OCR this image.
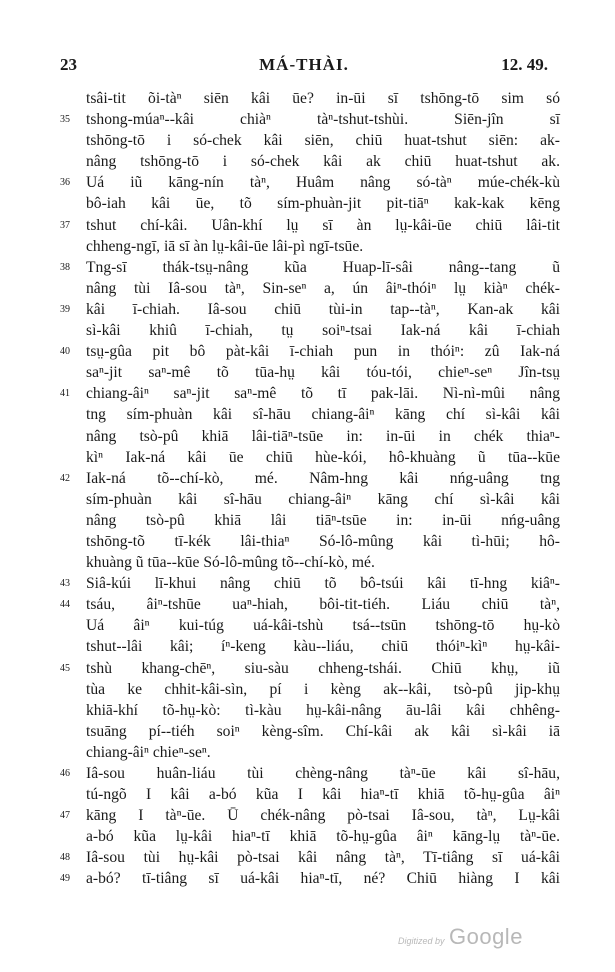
23	MÁ-THÀI.	12. 49.
tsâi-tit õi-tàⁿ siēn kâi ūe? in-ūi sī tshōng-tō sim só
35	tshong-múaⁿ--kâi chiàⁿ tàⁿ-tshut-tshùi. Siēn-jîn sī
tshōng-tō i só-chek kâi siēn, chiū huat-tshut siēn: ak-
nâng tshōng-tō i só-chek kâi ak chiū huat-tshut ak.
36	Uá iũ kāng-nín tàⁿ, Huâm nâng só-tàⁿ múe-chék-kù
bô-iah kâi ūe, tõ sím-phuàn-jit pit-tiāⁿ kak-kak kēng
37	tshut chí-kâi. Uân-khí lṳ sī àn lṳ-kâi-ūe chiū lâi-tit
chheng-ngī, iā sī àn lṳ-kâi-ūe lâi-pì ngī-tsūe.
38	Tng-sī thák-tsṳ-nâng kũa Huap-lī-sâi nâng--tang ũ
nâng tùi Iâ-sou tàⁿ, Sin-seⁿ a, ún âiⁿ-thóiⁿ lṳ kiàⁿ chék-
39	kâi ī-chiah. Iâ-sou chiū tùi-in tap--tàⁿ, Kan-ak kâi
sì-kâi khiû ī-chiah, tṳ soiⁿ-tsai Iak-ná kâi ī-chiah
40	tsṳ-gûa pit bô pàt-kâi ī-chiah pun in thóiⁿ: zû Iak-ná
saⁿ-jit saⁿ-mê tõ tūa-hṳ kâi tóu-tói, chieⁿ-seⁿ Jîn-tsṳ
41	chiang-âiⁿ saⁿ-jit saⁿ-mê tõ tī pak-lāi. Nì-nì-mûi nâng
tng sím-phuàn kâi sî-hāu chiang-âiⁿ kāng chí sì-kâi kâi
nâng tsò-pû khiā lâi-tiāⁿ-tsūe in: in-ūi in chék thiaⁿ-
kìⁿ Iak-ná kâi ūe chiū hùe-kói, hô-khuàng ũ tūa--kūe
42	Iak-ná tõ--chí-kò, mé. Nâm-hng kâi nńg-uâng tng
sím-phuàn kâi sî-hāu chiang-âiⁿ kāng chí sì-kâi kâi
nâng tsò-pû khiā lâi tiāⁿ-tsūe in: in-ūi nńg-uâng
tshōng-tõ tī-kék lâi-thiaⁿ Só-lô-mûng kâi tì-hūi; hô-
khuàng ũ tūa--kūe Só-lô-mûng tõ--chí-kò, mé.
43	Siâ-kúi lī-khui nâng chiū tõ bô-tsúi kâi tī-hng kiâⁿ-
44	tsáu, âiⁿ-tshūe uaⁿ-hiah, bôi-tit-tiéh. Liáu chiū tàⁿ,
Uá âiⁿ kui-túg uá-kâi-tshù tsá--tsūn tshōng-tō hṳ-kò
tshut--lâi kâi; íⁿ-keng kàu--liáu, chiū thóiⁿ-kìⁿ hṳ-kâi-
45	tshù khang-chēⁿ, siu-sàu chheng-tshái. Chiū khṳ, iũ
tùa ke chhit-kâi-sìn, pí i kèng ak--kâi, tsò-pû jip-khṳ
khiā-khí tõ-hṳ-kò: tì-kàu hṳ-kâi-nâng āu-lâi kâi chhêng-
tsuāng pí--tiéh soiⁿ kèng-sîm. Chí-kâi ak kâi sì-kâi iā
chiang-âiⁿ chieⁿ-seⁿ.
46	Iâ-sou huân-liáu tùi chèng-nâng tàⁿ-ūe kâi sî-hāu,
tú-ngõ I kâi a-bó kũa I kâi hiaⁿ-tī khiā tõ-hṳ-gûa âiⁿ
47	kāng I tàⁿ-ūe. Ū chék-nâng pò-tsai Iâ-sou, tàⁿ, Lṳ-kâi
a-bó kũa lṳ-kâi hiaⁿ-tī khiā tõ-hṳ-gûa âiⁿ kāng-lṳ tàⁿ-ūe.
48	Iâ-sou tùi hṳ-kâi pò-tsai kâi nâng tàⁿ, Tī-tiâng sī uá-kâi
49	a-bó? tī-tiâng sī uá-kâi hiaⁿ-tī, né? Chiū hiàng I kâi
Digitized by Google
